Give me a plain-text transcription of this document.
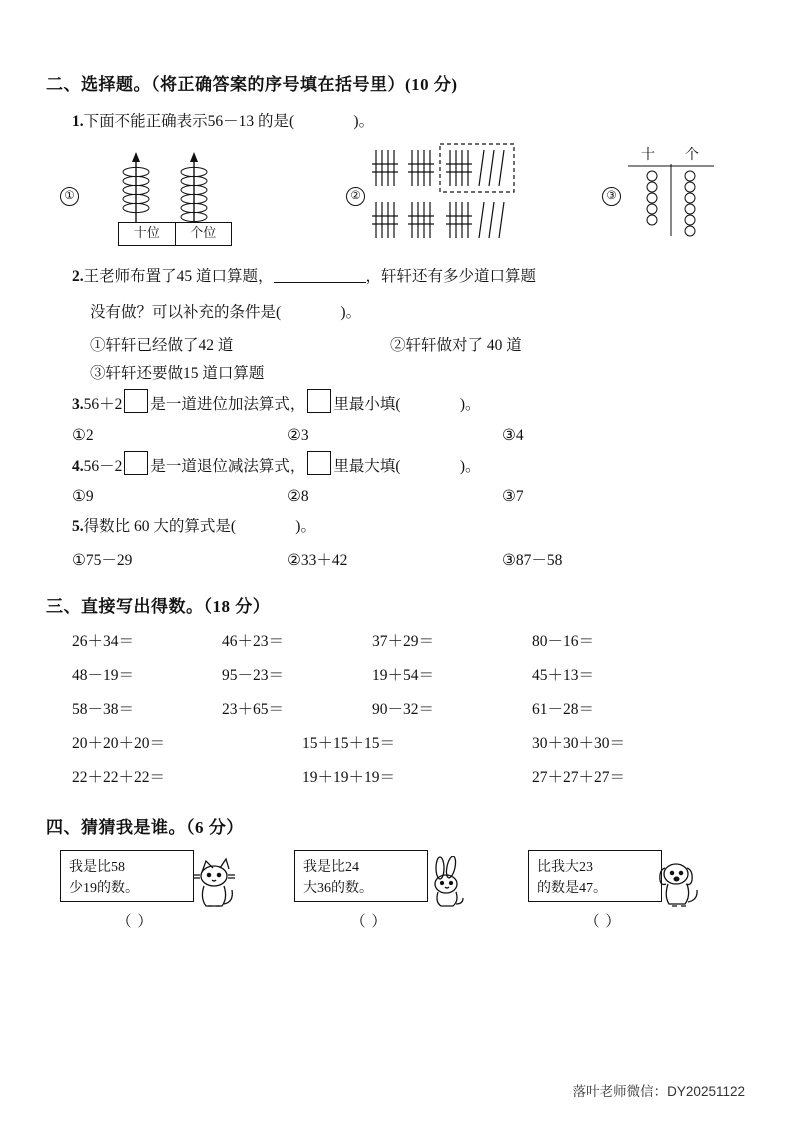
二、选择题。（将正确答案的序号填在括号里）(10 分)
1.下面不能正确表示56－13 的是(	)。
①
十位	个位
②	③
十	个
2.王老师布置了45 道口算题，	，轩轩还有多少道口算题
没有做？可以补充的条件是(	)。
①轩轩已经做了42 道	②轩轩做对了 40 道
③轩轩还要做15 道口算题
3.56＋2 是一道进位加法算式， 里最小填(	)。
①2	②3	③4
4.56－2 是一道退位减法算式， 里最大填(	)。
①9	②8	③7
5.得数比 60 大的算式是(	)。
①75－29	②33＋42	③87－58
三、直接写出得数。（18 分）
26＋34＝	46＋23＝	37＋29＝	80－16＝
48－19＝	95－23＝	19＋54＝	45＋13＝
58－38＝	23＋65＝	90－32＝	61－28＝
20＋20＋20＝	15＋15＋15＝	30＋30＋30＝
22＋22＋22＝	19＋19＋19＝	27＋27＋27＝
四、猜猜我是谁。（6 分）
我是比58
少19的数。
（ ）
我是比24
大36的数。
（ ）
比我大23
的数是47。
（ ）
落叶老师微信：DY20251122
